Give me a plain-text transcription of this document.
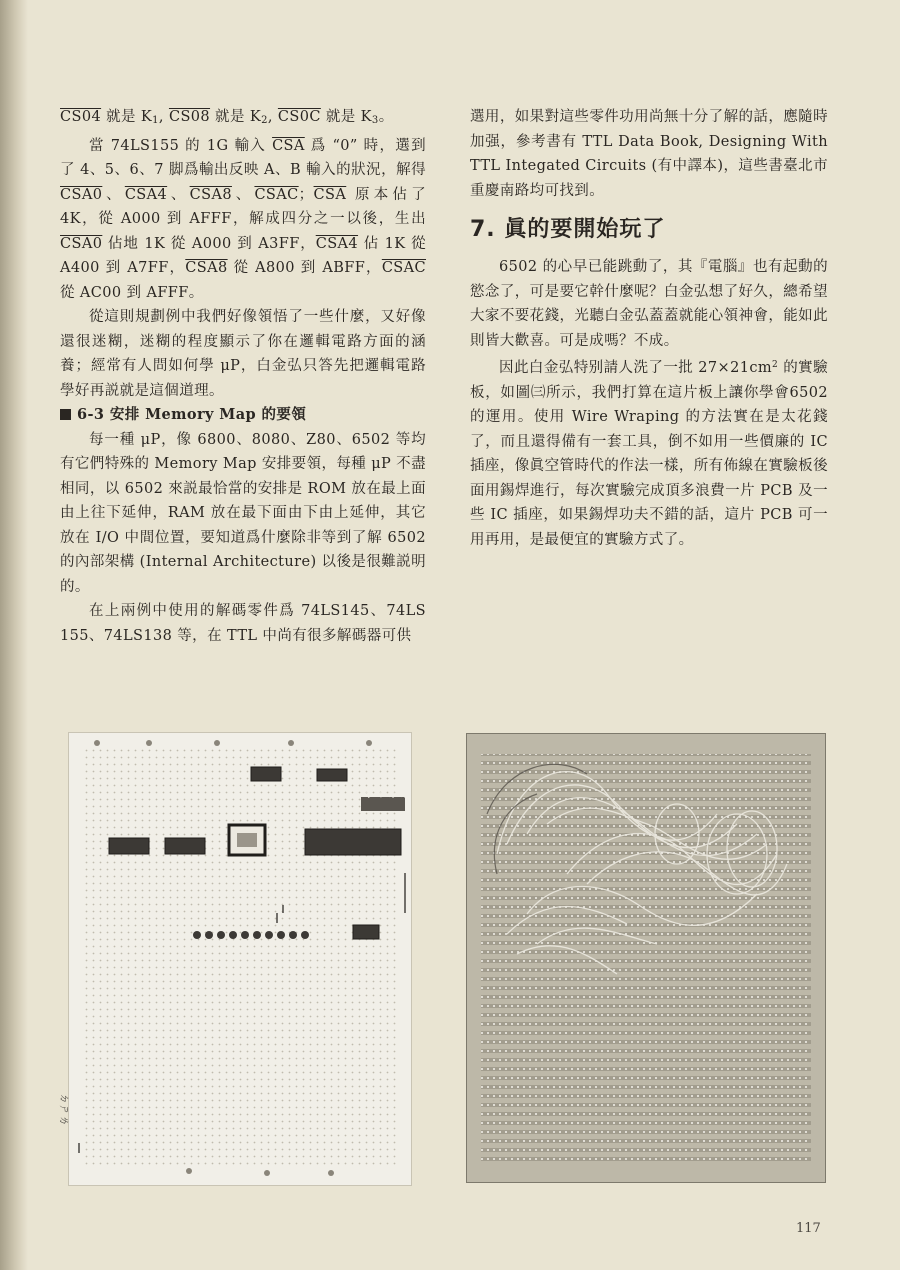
CS04 就是 $K_1$, CS08 就是 $K_2$, CS0C 就是 $K_3$。

當 74LS155 的 1G 輸入 $\overline{CSA}$ 爲 “0” 時，選到了 4、5、6、7 脚爲輸出反映 A、B 輸入的狀況，解得 CSA0、CSA4、CSA8、CSAC；$\overline{CSA}$ 原本佔了 4K，從 A000 到 AFFF，解成四分之一以後，生出 CSA0 佔地 1K 從 A000 到 A3FF，CSA4 佔 1K 從 A400 到 A7FF，CSA8 從 A800 到 ABFF，CSAC 從 AC00 到 AFFF。

從這則規劃例中我們好像領悟了一些什麼，又好像還很迷糊，迷糊的程度顯示了你在邏輯電路方面的涵養；經常有人問如何學 μP，白金弘只答先把邏輯電路學好再説就是這個道理。

6-3 安排 Memory Map 的要領

每一種 μP，像 6800、8080、Z80、6502 等均有它們特殊的 Memory Map 安排要領，每種 μP 不盡相同，以 6502 來説最恰當的安排是 ROM 放在最上面由上往下延伸，RAM 放在最下面由下由上延伸，其它放在 I/O 中間位置，要知道爲什麼除非等到了解 6502 的內部架構 (Internal Architecture) 以後是很難説明的。

在上兩例中使用的解碼零件爲 74LS145、74LS 155、74LS138 等，在 TTL 中尚有很多解碼器可供

選用，如果對這些零件功用尚無十分了解的話，應隨時加强，參考書有 TTL Data Book, Designing With TTL Integated Circuits (有中譯本)，這些書臺北市重慶南路均可找到。

7. 眞的要開始玩了

6502 的心早已能跳動了，其『電腦』也有起動的慾念了，可是要它幹什麼呢？白金弘想了好久，總希望大家不要花錢，光聽白金弘蓋蓋就能心領神會，能如此則皆大歡喜。可是成嗎？不成。

因此白金弘特别請人洗了一批 $27\times 21cm^2$ 的實驗板，如圖㈢所示，我們打算在這片板上讓你學會6502的運用。使用 Wire Wraping 的方法實在是太花錢了，而且還得備有一套工具，倒不如用一些價廉的 IC 插座，像眞空管時代的作法一樣，所有佈線在實驗板後面用錫焊進行，每次實驗完成頂多浪費一片 PCB 及一些 IC 插座，如果錫焊功夫不錯的話，這片 PCB 可一用再用，是最便宜的實驗方式了。

ㄅㄉㄌㄌ
ㄉㄕㄌ
117
